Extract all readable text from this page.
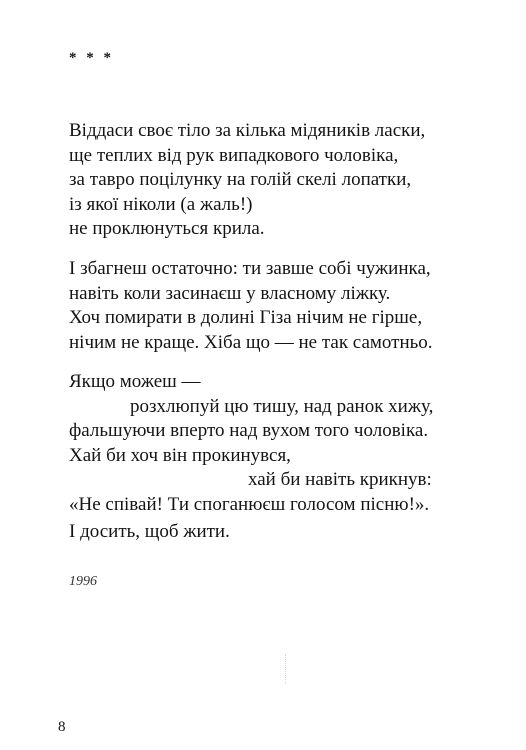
* * *
Віддаси своє тіло за кілька мідяників ласки,
ще теплих від рук випадкового чоловіка,
за тавро поцілунку на голій скелі лопатки,
із якої ніколи (а жаль!)
не проклюнуться крила.
І збагнеш остаточно: ти завше собі чужинка,
навіть коли засинаєш у власному ліжку.
Хоч помирати в долині Гіза нічим не гірше,
нічим не краще. Хіба що — не так самотньо.
Якщо можеш —
розхлюпуй цю тишу, над ранок хижу,
фальшуючи вперто над вухом того чоловіка.
Хай би хоч він прокинувся,
хай би навіть крикнув:
«Не співай! Ти споганюєш голосом пісню!».
І досить, щоб жити.
1996
8
